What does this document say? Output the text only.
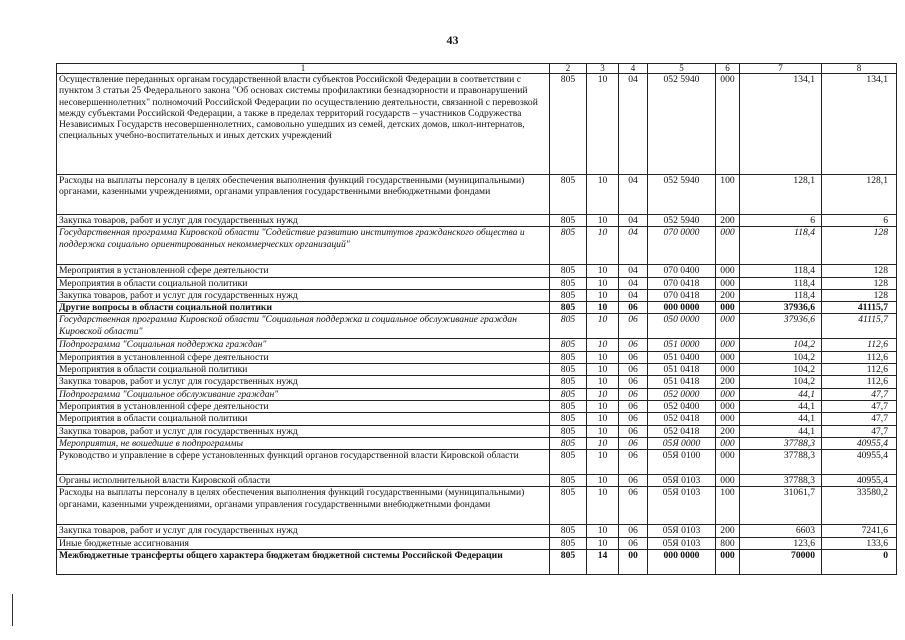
43
1	2	3	4	5	6	7	8
Осуществление переданных органам государственной власти субъектов Российской Федерации в соответствии с пунктом 3 статьи 25 Федерального закона "Об основах системы профилактики безнадзорности и правонарушений несовершеннолетних" полномочий Российской Федерации по осуществлению деятельности, связанной с перевозкой между субъектами Российской Федерации, а также в пределах территорий государств – участников Содружества Независимых Государств несовершеннолетних, самовольно ушедших из семей, детских домов, школ-интернатов, специальных учебно-воспитательных и иных детских учреждений	805	10	04	052 5940	000	134,1	134,1
Расходы на выплаты персоналу в целях обеспечения выполнения функций государственными (муниципальными) органами, казенными учреждениями, органами управления государственными внебюджетными фондами	805	10	04	052 5940	100	128,1	128,1
Закупка товаров, работ и услуг для государственных нужд	805	10	04	052 5940	200	6	6
Государственная программа Кировской области "Содействие развитию институтов гражданского общества и поддержка социально ориентированных некоммерческих организаций"	805	10	04	070 0000	000	118,4	128
Мероприятия в установленной сфере деятельности	805	10	04	070 0400	000	118,4	128
Мероприятия в области социальной политики	805	10	04	070 0418	000	118,4	128
Закупка товаров, работ и услуг для государственных нужд	805	10	04	070 0418	200	118,4	128
Другие вопросы в области социальной политики	805	10	06	000 0000	000	37936,6	41115,7
Государственная программа Кировской области "Социальная поддержка и социальное обслуживание граждан Кировской области"	805	10	06	050 0000	000	37936,6	41115,7
Подпрограмма "Социальная поддержка граждан"	805	10	06	051 0000	000	104,2	112,6
Мероприятия в установленной сфере деятельности	805	10	06	051 0400	000	104,2	112,6
Мероприятия в области социальной политики	805	10	06	051 0418	000	104,2	112,6
Закупка товаров, работ и услуг для государственных нужд	805	10	06	051 0418	200	104,2	112,6
Подпрограмма "Социальное обслуживание граждан"	805	10	06	052 0000	000	44,1	47,7
Мероприятия в установленной сфере деятельности	805	10	06	052 0400	000	44,1	47,7
Мероприятия в области социальной политики	805	10	06	052 0418	000	44,1	47,7
Закупка товаров, работ и услуг для государственных нужд	805	10	06	052 0418	200	44,1	47,7
Мероприятия, не вошедшие в подпрограммы	805	10	06	05Я 0000	000	37788,3	40955,4
Руководство и управление в сфере установленных функций органов государственной власти Кировской области	805	10	06	05Я 0100	000	37788,3	40955,4
Органы исполнительной власти Кировской области	805	10	06	05Я 0103	000	37788,3	40955,4
Расходы на выплаты персоналу в целях обеспечения выполнения функций государственными (муниципальными) органами, казенными учреждениями, органами управления государственными внебюджетными фондами	805	10	06	05Я 0103	100	31061,7	33580,2
Закупка товаров, работ и услуг для государственных нужд	805	10	06	05Я 0103	200	6603	7241,6
Иные бюджетные ассигнования	805	10	06	05Я 0103	800	123,6	133,6
Межбюджетные трансферты общего характера бюджетам бюджетной системы Российской Федерации	805	14	00	000 0000	000	70000	0
